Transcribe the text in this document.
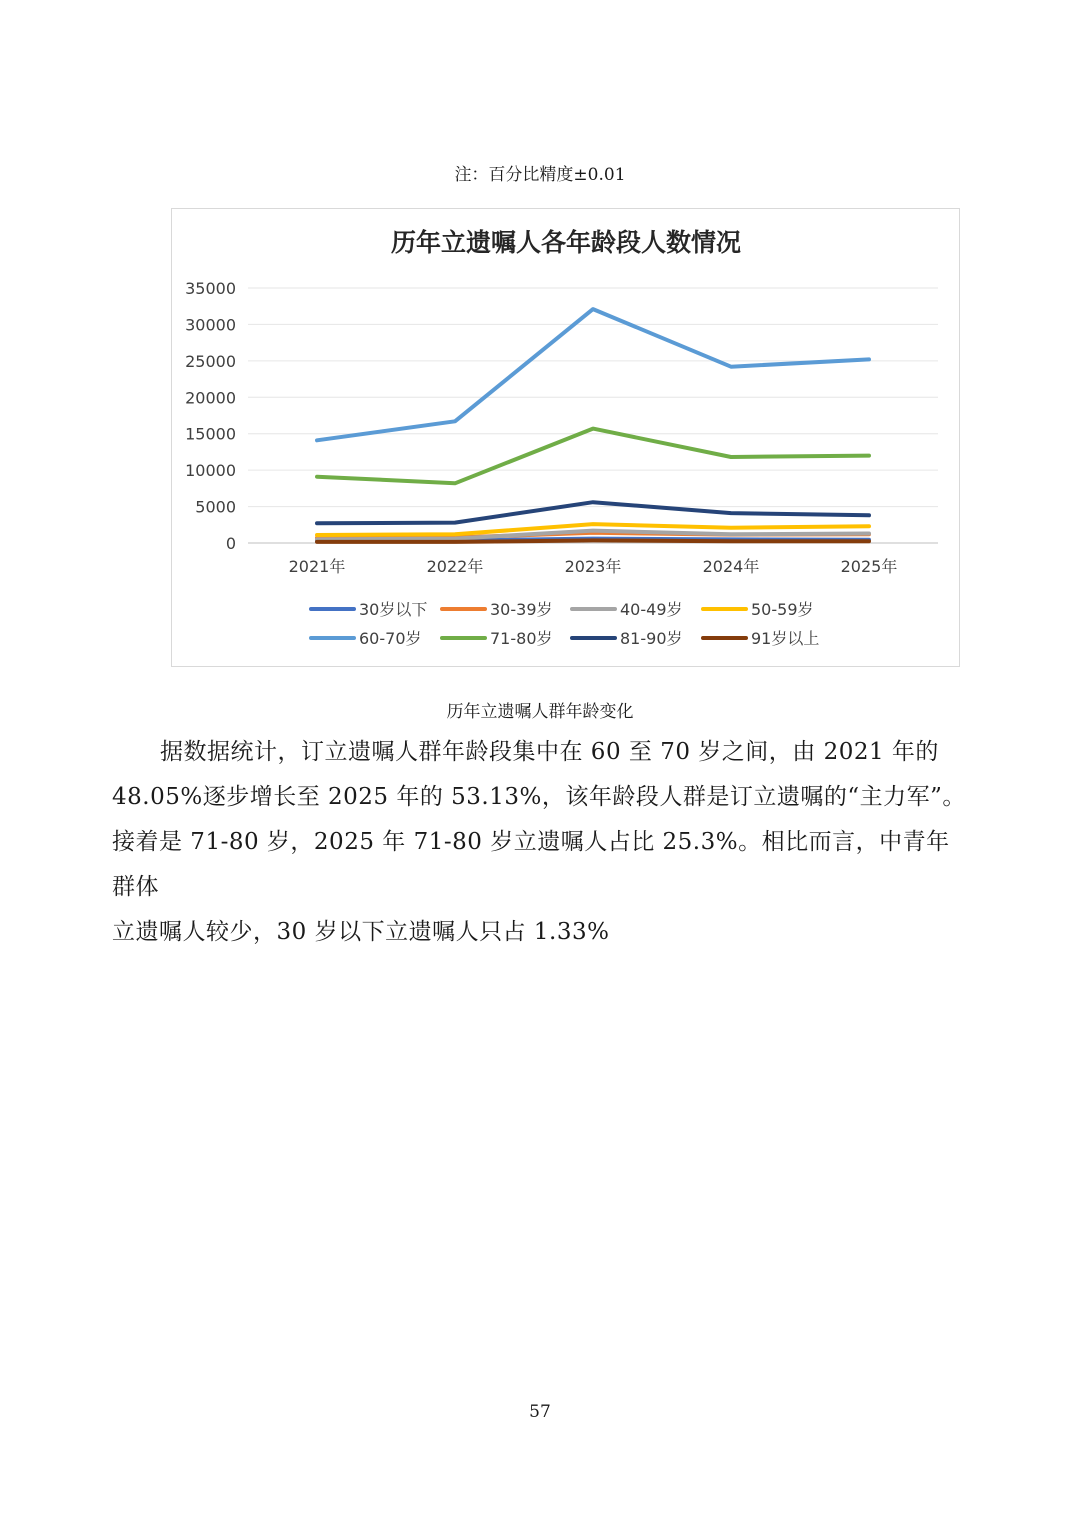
注：百分比精度±0.01
历年立遗嘱人各年龄段人数情况
0
5000
10000
15000
20000
25000
30000
35000
2021年	2022年	2023年	2024年	2025年
30岁以下	30-39岁	40-49岁	50-59岁
60-70岁	71-80岁	81-90岁	91岁以上
历年立遗嘱人群年龄变化

据数据统计，订立遗嘱人群年龄段集中在 60 至 70 岁之间，由 2021 年的

48.05%逐步增长至 2025 年的 53.13%，该年龄段人群是订立遗嘱的“主力军”。

接着是 71-80 岁，2025 年 71-80 岁立遗嘱人占比 25.3%。相比而言，中青年群体

立遗嘱人较少，30 岁以下立遗嘱人只占 1.33%

57
